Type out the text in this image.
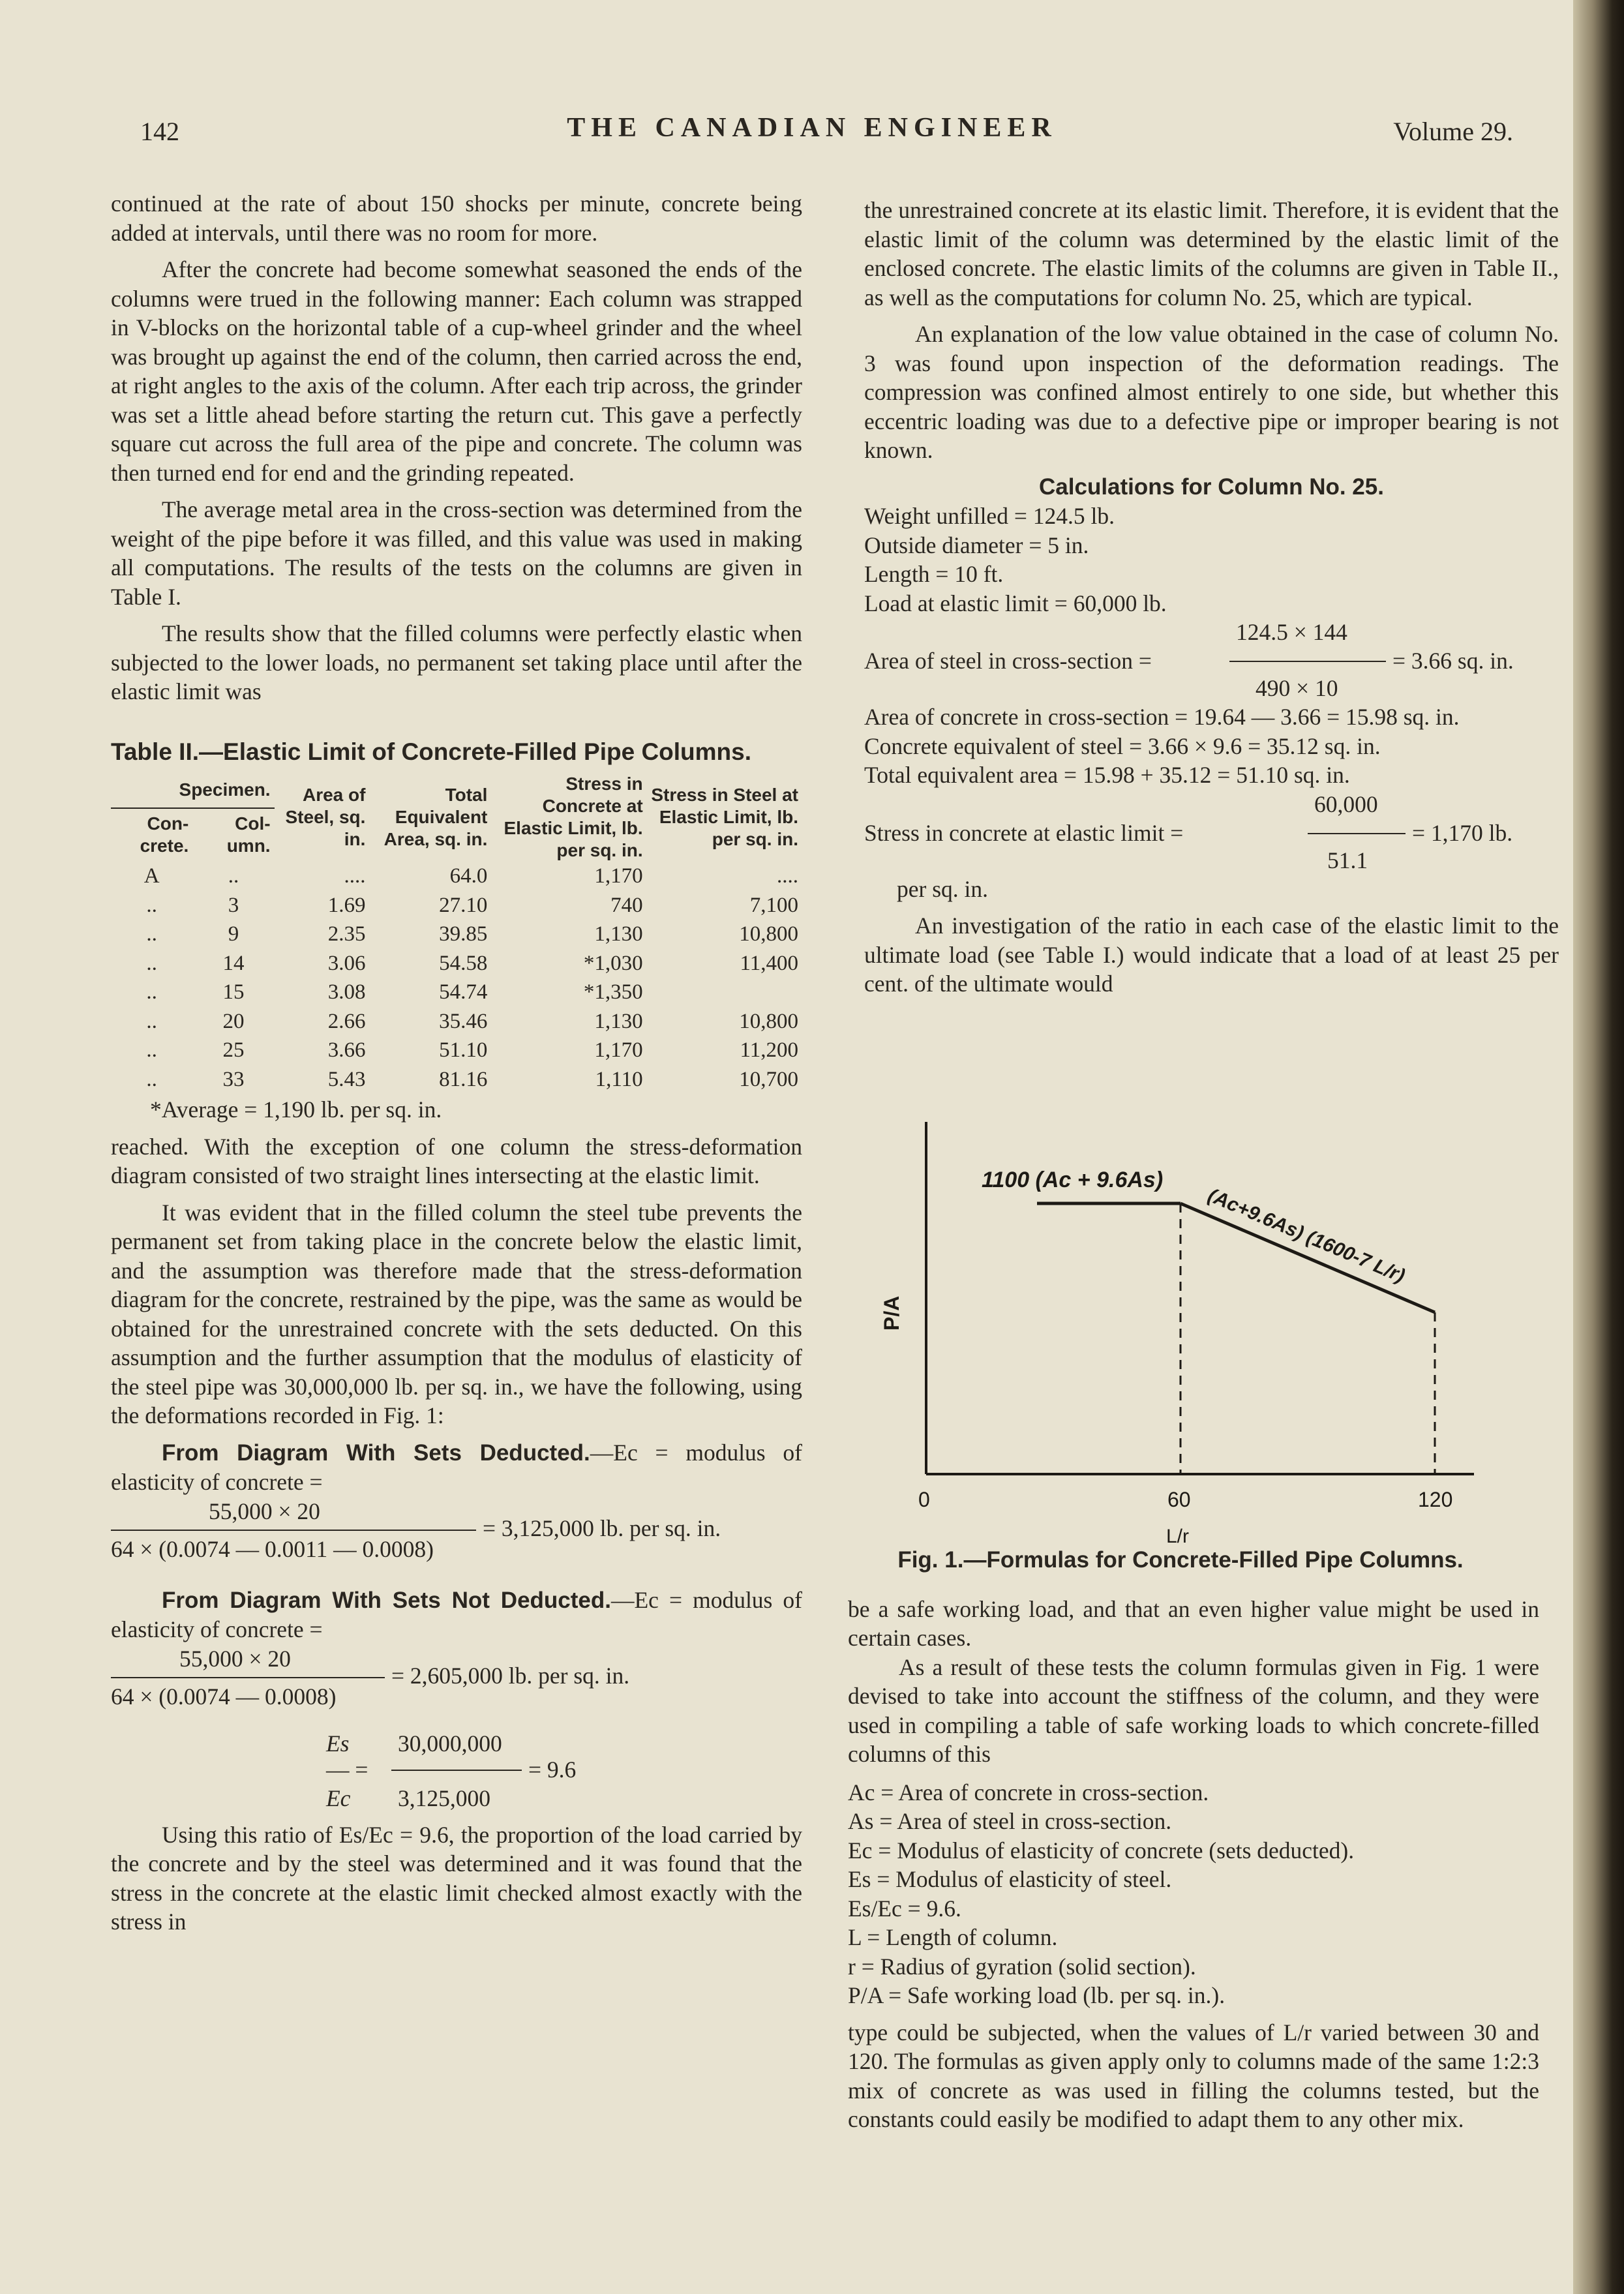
142	THE CANADIAN ENGINEER	Volume 29.

continued at the rate of about 150 shocks per minute, concrete being added at intervals, until there was no room for more.

After the concrete had become somewhat seasoned the ends of the columns were trued in the following manner: Each column was strapped in V-blocks on the horizontal table of a cup-wheel grinder and the wheel was brought up against the end of the column, then carried across the end, at right angles to the axis of the column. After each trip across, the grinder was set a little ahead before starting the return cut. This gave a perfectly square cut across the full area of the pipe and concrete. The column was then turned end for end and the grinding repeated.

The average metal area in the cross-section was determined from the weight of the pipe before it was filled, and this value was used in making all computations. The results of the tests on the columns are given in Table I.

The results show that the filled columns were perfectly elastic when subjected to the lower loads, no permanent set taking place until after the elastic limit was

Table II.—Elastic Limit of Concrete-Filled Pipe Columns.
Specimen.		Area of Steel, sq. in.	Total Equivalent Area, sq. in.	Stress in Concrete at Elastic Limit, lb. per sq. in.	Stress in Steel at Elastic Limit, lb. per sq. in.
Con- crete.	Col- umn.				
A	..	....	64.0	1,170	....
..	3	1.69	27.10	740	7,100
..	9	2.35	39.85	1,130	10,800
..	14	3.06	54.58	*1,030	11,400
..	15	3.08	54.74	*1,350	
..	20	2.66	35.46	1,130	10,800
..	25	3.66	51.10	1,170	11,200
..	33	5.43	81.16	1,110	10,700
*Average = 1,190 lb. per sq. in.

reached. With the exception of one column the stress-deformation diagram consisted of two straight lines intersecting at the elastic limit.

It was evident that in the filled column the steel tube prevents the permanent set from taking place in the concrete below the elastic limit, and the assumption was therefore made that the stress-deformation diagram for the concrete, restrained by the pipe, was the same as would be obtained for the unrestrained concrete with the sets deducted. On this assumption and the further assumption that the modulus of elasticity of the steel pipe was 30,000,000 lb. per sq. in., we have the following, using the deformations recorded in Fig. 1:

From Diagram With Sets Deducted.—Ec = modulus of elasticity of concrete =

55,000 × 20
= 3,125,000 lb. per sq. in.
64 × (0.0074 — 0.0011 — 0.0008)

From Diagram With Sets Not Deducted.—Ec = modulus of elasticity of concrete =

55,000 × 20
= 2,605,000 lb. per sq. in.
64 × (0.0074 — 0.0008)
Es 30,000,000
— =	= 9.6
Ec 3,125,000

Using this ratio of Es/Ec = 9.6, the proportion of the load carried by the concrete and by the steel was determined and it was found that the stress in the concrete at the elastic limit checked almost exactly with the stress in

the unrestrained concrete at its elastic limit. Therefore, it is evident that the elastic limit of the column was determined by the elastic limit of the enclosed concrete. The elastic limits of the columns are given in Table II., as well as the computations for column No. 25, which are typical.

An explanation of the low value obtained in the case of column No. 3 was found upon inspection of the deformation readings. The compression was confined almost entirely to one side, but whether this eccentric loading was due to a defective pipe or improper bearing is not known.

Calculations for Column No. 25.

Weight unfilled = 124.5 lb.

Outside diameter = 5 in.

Length = 10 ft.

Load at elastic limit = 60,000 lb.

124.5 × 144
Area of steel in cross-section =	= 3.66 sq. in.
490 × 10

Area of concrete in cross-section = 19.64 — 3.66 = 15.98 sq. in.

Concrete equivalent of steel = 3.66 × 9.6 = 35.12 sq. in.

Total equivalent area = 15.98 + 35.12 = 51.10 sq. in.

60,000
Stress in concrete at elastic limit =	= 1,170 lb.
51.1

per sq. in.

An investigation of the ratio in each case of the elastic limit to the ultimate load (see Table I.) would indicate that a load of at least 25 per cent. of the ultimate would

1100 (Ac + 9.6As)
(Ac+9.6As) (1600-7 L/r)
P/A
0	60	120
L/r

Fig. 1.—Formulas for Concrete-Filled Pipe Columns.

be a safe working load, and that an even higher value might be used in certain cases.

As a result of these tests the column formulas given in Fig. 1 were devised to take into account the stiffness of the column, and they were used in compiling a table of safe working loads to which concrete-filled columns of this

Ac = Area of concrete in cross-section.

As = Area of steel in cross-section.

Ec = Modulus of elasticity of concrete (sets deducted).

Es = Modulus of elasticity of steel.

Es/Ec = 9.6.

L = Length of column.

r = Radius of gyration (solid section).

P/A = Safe working load (lb. per sq. in.).

type could be subjected, when the values of L/r varied between 30 and 120. The formulas as given apply only to columns made of the same 1:2:3 mix of concrete as was used in filling the columns tested, but the constants could easily be modified to adapt them to any other mix.
